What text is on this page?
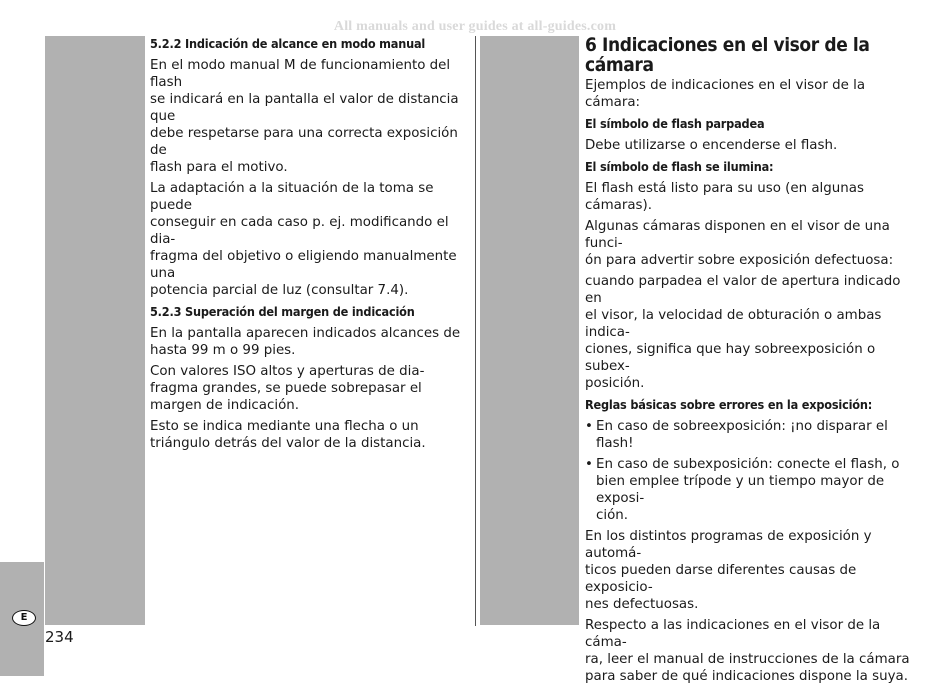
All manuals and user guides at all-guides.com
E
234
5.2.2 Indicación de alcance en modo manual

En el modo manual M de funcionamiento del flash
se indicará en la pantalla el valor de distancia que
debe respetarse para una correcta exposición de
flash para el motivo.

La adaptación a la situación de la toma se puede
conseguir en cada caso p. ej. modificando el dia-
fragma del objetivo o eligiendo manualmente una
potencia parcial de luz (consultar 7.4).

5.2.3 Superación del margen de indicación

En la pantalla aparecen indicados alcances de
hasta 99 m o 99 pies.

Con valores ISO altos y aperturas de dia-
fragma grandes, se puede sobrepasar el
margen de indicación.

Esto se indica mediante una flecha o un
triángulo detrás del valor de la distancia.

6 Indicaciones en el visor de la cámara

Ejemplos de indicaciones en el visor de la cámara:

El símbolo de flash parpadea

Debe utilizarse o encenderse el flash.

El símbolo de flash se ilumina:

El flash está listo para su uso (en algunas cámaras).

Algunas cámaras disponen en el visor de una funci-
ón para advertir sobre exposición defectuosa:

cuando parpadea el valor de apertura indicado en
el visor, la velocidad de obturación o ambas indica-
ciones, significa que hay sobreexposición o subex-
posición.

Reglas básicas sobre errores en la exposición:
• En caso de sobreexposición: ¡no disparar el flash!
• En caso de subexposición: conecte el flash, o
bien emplee trípode y un tiempo mayor de exposi-
ción.

En los distintos programas de exposición y automá-
ticos pueden darse diferentes causas de exposicio-
nes defectuosas.

Respecto a las indicaciones en el visor de la cáma-
ra, leer el manual de instrucciones de la cámara
para saber de qué indicaciones dispone la suya.
